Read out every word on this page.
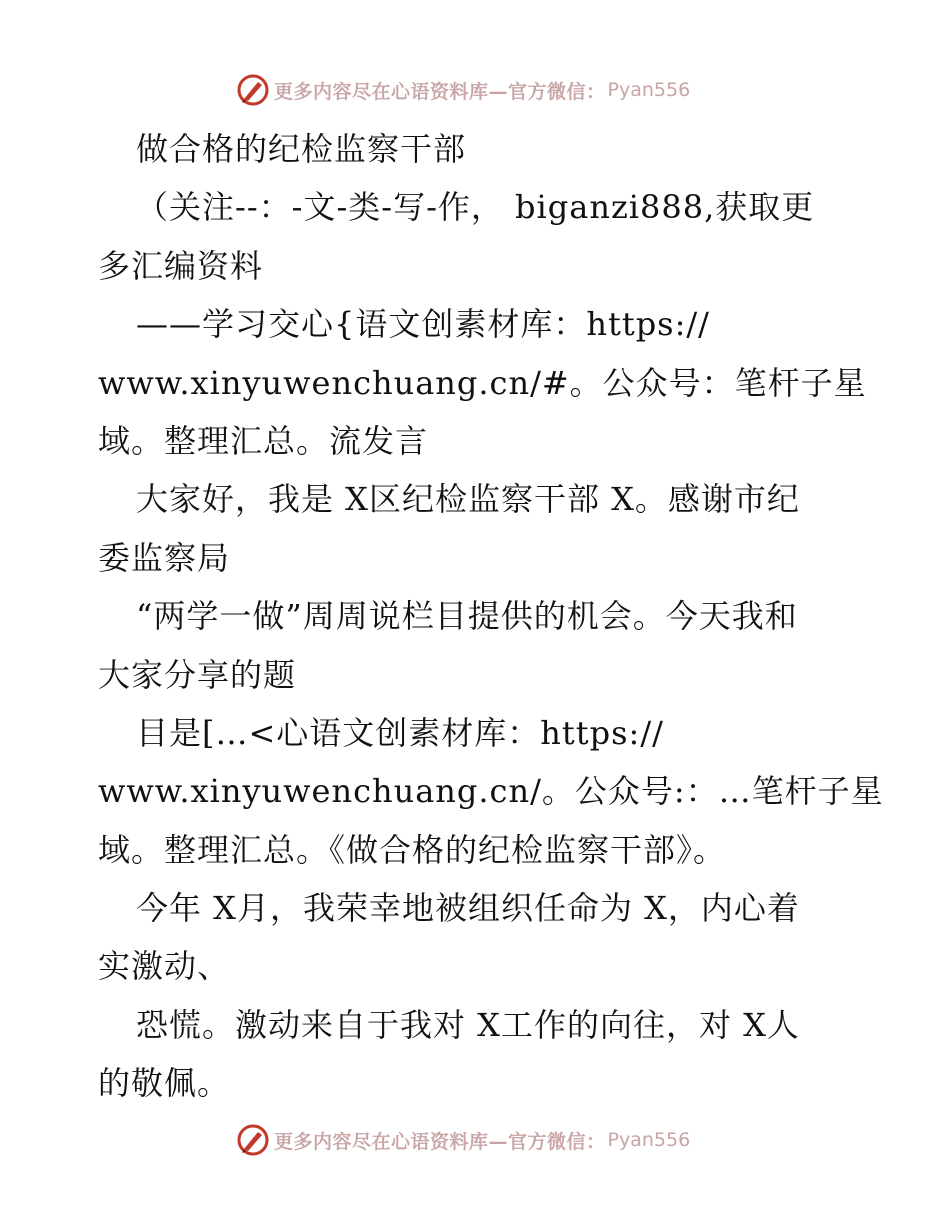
更多内容尽在心语资料库—官方微信： Pyan556
做合格的纪检监察干部
（关注--：-文-类-写-作， biganzi888,获取更
多汇编资料
——学习交心{语文创素材库：https://
www.xinyuwenchuang.cn/#。公众号：笔杆子星
域。整理汇总。流发言
大家好，我是 X区纪检监察干部 X。感谢市纪
委监察局
“两学一做”周周说栏目提供的机会。今天我和
大家分享的题
目是[…<心语文创素材库：https://
www.xinyuwenchuang.cn/。公众号:：…笔杆子星
域。整理汇总。《做合格的纪检监察干部》。
今年 X月，我荣幸地被组织任命为 X，内心着
实激动、
恐慌。激动来自于我对 X工作的向往，对 X人
的敬佩。
更多内容尽在心语资料库—官方微信： Pyan556
